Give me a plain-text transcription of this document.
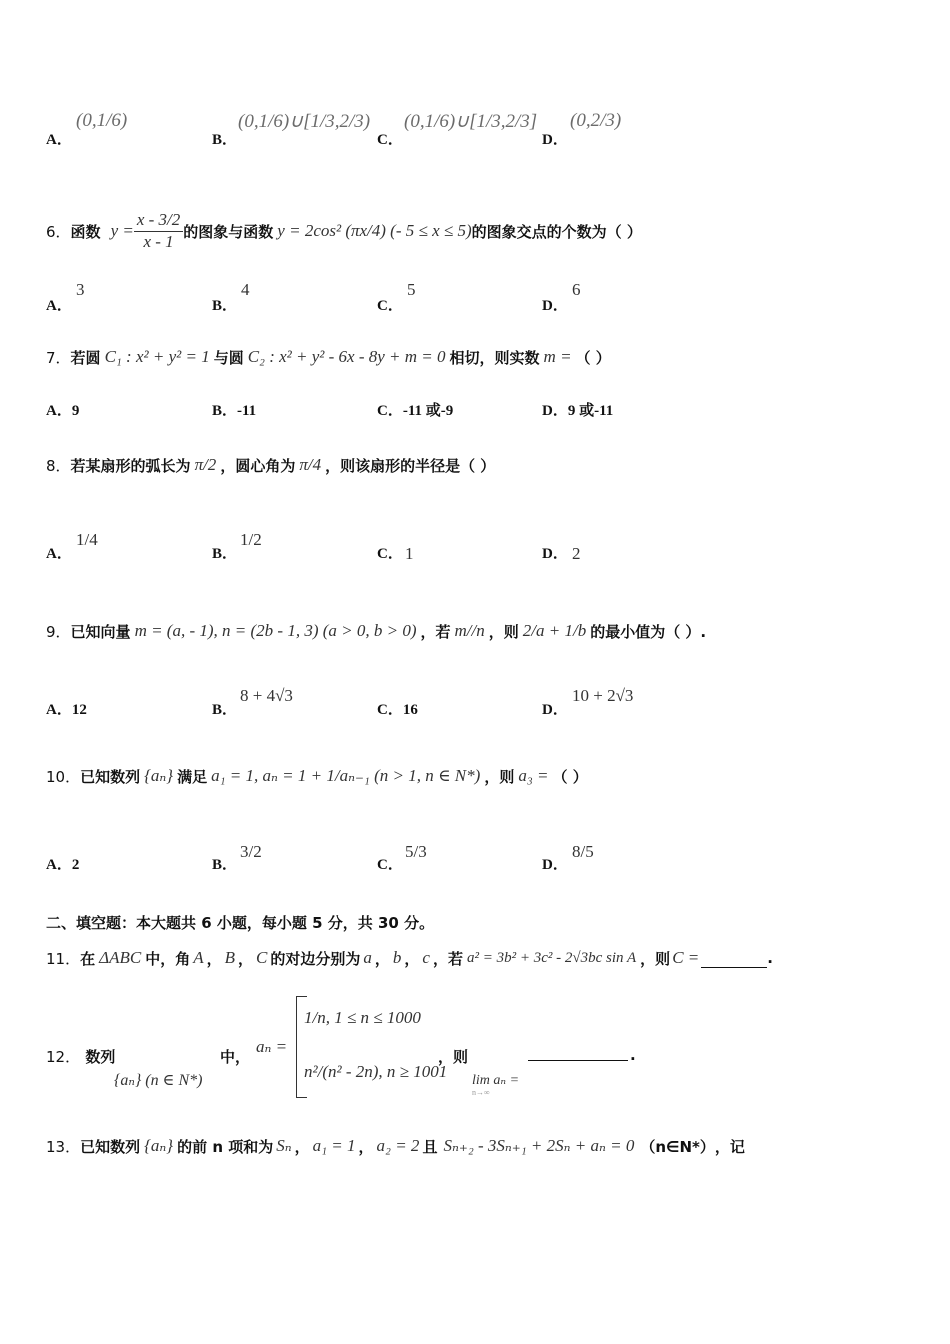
A．
(0,1/6)
B．
(0,1/6)∪[1/3,2/3)
C．
(0,1/6)∪[1/3,2/3]
D．
(0,2/3)
6． 函数 $y = \frac{x - 3/2}{x - 1}$ 的图象与函数 y = 2cos² (πx/4) (- 5 ≤ x ≤ 5) 的图象交点的个数为（ ）
A．
3
B．
4
C．
5
D．
6
7． 若圆 C₁ : x² + y² = 1 与圆 C₂ : x² + y² - 6x - 8y + m = 0 相切，则实数 m = （ ）
A．9	B．-11	C．-11 或-9	D．9 或-11
8． 若某扇形的弧长为 π/2 ，圆心角为 π/4 ，则该扇形的半径是（ ）
A．
1/4
B．
1/2
C． 1	D． 2
9． 已知向量 m = (a, - 1), n = (2b - 1, 3) (a > 0, b > 0) ，若 m//n ，则 2/a + 1/b 的最小值为（ ）.
A．12	B．
8 + 4√3
C．16	D．
10 + 2√3
10． 已知数列 {aₙ} 满足 a₁ = 1, aₙ = 1 + 1/aₙ₋₁ (n > 1, n ∈ N*) ，则 a₃ = （ ）
A．2	B．
3/2
C．
5/3
D．
8/5
二、填空题：本大题共 6 小题，每小题 5 分，共 30 分。
11． 在 ΔABC 中，角 A ， B ， C 的对边分别为 a ， b ， c ，若 a² = 3b² + 3c² - 2√3bc sin A ，则 C =	.
12． 数列
{aₙ} (n ∈ N*)
中，
aₙ =
1/n, 1 ≤ n ≤ 1000
n²/(n² - 2n), n ≥ 1001
，则
lim aₙ =
n→∞
.
13． 已知数列 {aₙ} 的前 n 项和为 Sₙ ， a₁ = 1 ， a₂ = 2 且 Sₙ₊₂ - 3Sₙ₊₁ + 2Sₙ + aₙ = 0 （n∈N*） ，记
